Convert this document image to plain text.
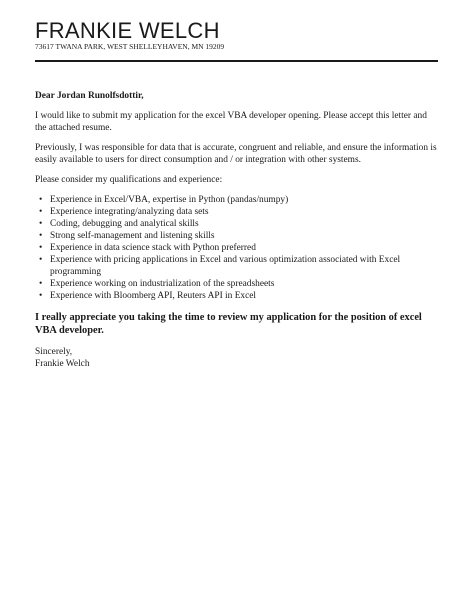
FRANKIE WELCH
73617 TWANA PARK, WEST SHELLEYHAVEN, MN 19209

Dear Jordan Runolfsdottir,

I would like to submit my application for the excel VBA developer opening. Please accept this letter and the attached resume.

Previously, I was responsible for data that is accurate, congruent and reliable, and ensure the information is easily available to users for direct consumption and / or integration with other systems.

Please consider my qualifications and experience:

• Experience in Excel/VBA, expertise in Python (pandas/numpy)
• Experience integrating/analyzing data sets
• Coding, debugging and analytical skills
• Strong self-management and listening skills
• Experience in data science stack with Python preferred
• Experience with pricing applications in Excel and various optimization associated with Excel programming
• Experience working on industrialization of the spreadsheets
• Experience with Bloomberg API, Reuters API in Excel

I really appreciate you taking the time to review my application for the position of excel VBA developer.

Sincerely,

Frankie Welch
